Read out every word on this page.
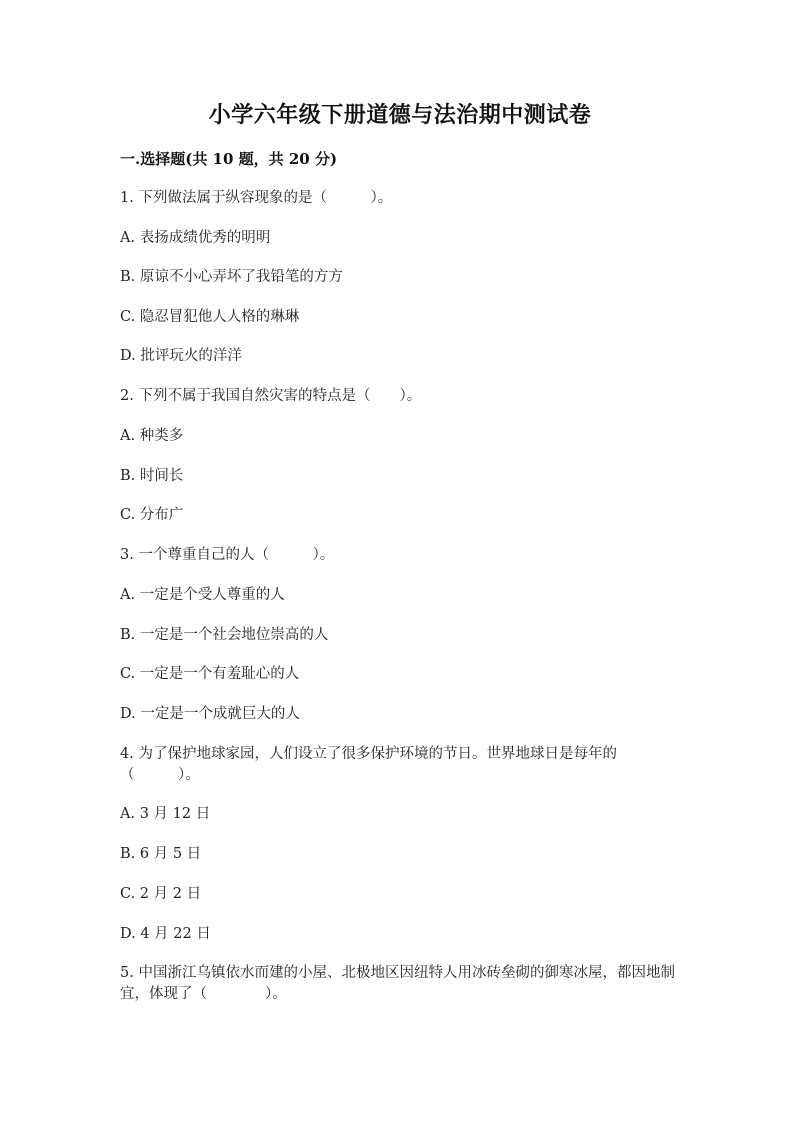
小学六年级下册道德与法治期中测试卷
一.选择题(共 10 题，共 20 分)
1. 下列做法属于纵容现象的是（　　　）。
A. 表扬成绩优秀的明明
B. 原谅不小心弄坏了我铅笔的方方
C. 隐忍冒犯他人人格的琳琳
D. 批评玩火的洋洋
2. 下列不属于我国自然灾害的特点是（　　）。
A. 种类多
B. 时间长
C. 分布广
3. 一个尊重自己的人（　　　）。
A. 一定是个受人尊重的人
B. 一定是一个社会地位崇高的人
C. 一定是一个有羞耻心的人
D. 一定是一个成就巨大的人
4. 为了保护地球家园，人们设立了很多保护环境的节日。世界地球日是每年的（　　　）。
A. 3 月 12 日
B. 6 月 5 日
C. 2 月 2 日
D. 4 月 22 日
5. 中国浙江乌镇依水而建的小屋、北极地区因纽特人用冰砖垒砌的御寒冰屋，都因地制宜，体现了（　　　　）。
